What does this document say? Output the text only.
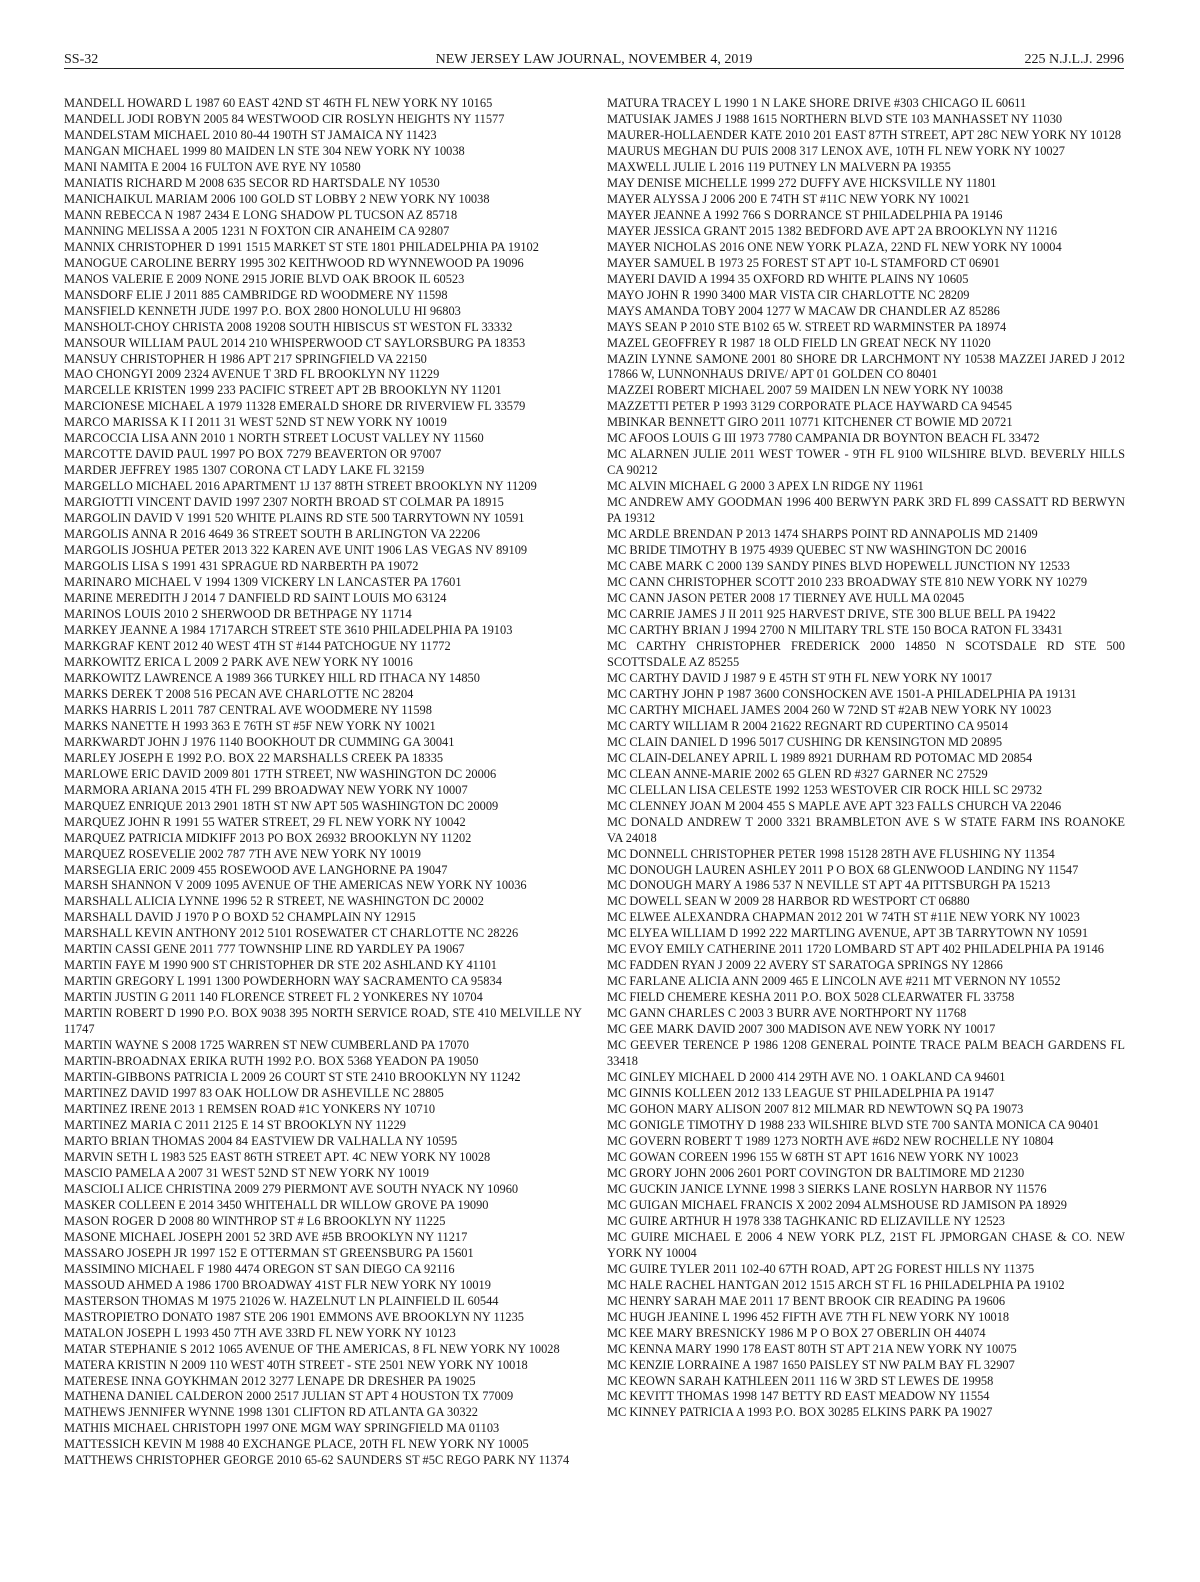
SS-32	NEW JERSEY LAW JOURNAL, NOVEMBER 4, 2019	225 N.J.L.J. 2996

MANDELL HOWARD L 1987 60 EAST 42ND ST 46TH FL NEW YORK NY 10165

MANDELL JODI ROBYN 2005 84 WESTWOOD CIR ROSLYN HEIGHTS NY 11577

MANDELSTAM MICHAEL 2010 80-44 190TH ST JAMAICA NY 11423

MANGAN MICHAEL 1999 80 MAIDEN LN STE 304 NEW YORK NY 10038

MANI NAMITA E 2004 16 FULTON AVE RYE NY 10580

MANIATIS RICHARD M 2008 635 SECOR RD HARTSDALE NY 10530

MANICHAIKUL MARIAM 2006 100 GOLD ST LOBBY 2 NEW YORK NY 10038

MANN REBECCA N 1987 2434 E LONG SHADOW PL TUCSON AZ 85718

MANNING MELISSA A 2005 1231 N FOXTON CIR ANAHEIM CA 92807

MANNIX CHRISTOPHER D 1991 1515 MARKET ST STE 1801 PHILADELPHIA PA 19102

MANOGUE CAROLINE BERRY 1995 302 KEITHWOOD RD WYNNEWOOD PA 19096

MANOS VALERIE E 2009 NONE 2915 JORIE BLVD OAK BROOK IL 60523

MANSDORF ELIE J 2011 885 CAMBRIDGE RD WOODMERE NY 11598

MANSFIELD KENNETH JUDE 1997 P.O. BOX 2800 HONOLULU HI 96803

MANSHOLT-CHOY CHRISTA 2008 19208 SOUTH HIBISCUS ST WESTON FL 33332

MANSOUR WILLIAM PAUL 2014 210 WHISPERWOOD CT SAYLORSBURG PA 18353

MANSUY CHRISTOPHER H 1986 APT 217 SPRINGFIELD VA 22150

MAO CHONGYI 2009 2324 AVENUE T 3RD FL BROOKLYN NY 11229

MARCELLE KRISTEN 1999 233 PACIFIC STREET APT 2B BROOKLYN NY 11201

MARCIONESE MICHAEL A 1979 11328 EMERALD SHORE DR RIVERVIEW FL 33579

MARCO MARISSA K I I 2011 31 WEST 52ND ST NEW YORK NY 10019

MARCOCCIA LISA ANN 2010 1 NORTH STREET LOCUST VALLEY NY 11560

MARCOTTE DAVID PAUL 1997 PO BOX 7279 BEAVERTON OR 97007

MARDER JEFFREY 1985 1307 CORONA CT LADY LAKE FL 32159

MARGELLO MICHAEL 2016 APARTMENT 1J 137 88TH STREET BROOKLYN NY 11209

MARGIOTTI VINCENT DAVID 1997 2307 NORTH BROAD ST COLMAR PA 18915

MARGOLIN DAVID V 1991 520 WHITE PLAINS RD STE 500 TARRYTOWN NY 10591

MARGOLIS ANNA R 2016 4649 36 STREET SOUTH B ARLINGTON VA 22206

MARGOLIS JOSHUA PETER 2013 322 KAREN AVE UNIT 1906 LAS VEGAS NV 89109

MARGOLIS LISA S 1991 431 SPRAGUE RD NARBERTH PA 19072

MARINARO MICHAEL V 1994 1309 VICKERY LN LANCASTER PA 17601

MARINE MEREDITH J 2014 7 DANFIELD RD SAINT LOUIS MO 63124

MARINOS LOUIS 2010 2 SHERWOOD DR BETHPAGE NY 11714

MARKEY JEANNE A 1984 1717ARCH STREET STE 3610 PHILADELPHIA PA 19103

MARKGRAF KENT 2012 40 WEST 4TH ST #144 PATCHOGUE NY 11772

MARKOWITZ ERICA L 2009 2 PARK AVE NEW YORK NY 10016

MARKOWITZ LAWRENCE A 1989 366 TURKEY HILL RD ITHACA NY 14850

MARKS DEREK T 2008 516 PECAN AVE CHARLOTTE NC 28204

MARKS HARRIS L 2011 787 CENTRAL AVE WOODMERE NY 11598

MARKS NANETTE H 1993 363 E 76TH ST #5F NEW YORK NY 10021

MARKWARDT JOHN J 1976 1140 BOOKHOUT DR CUMMING GA 30041

MARLEY JOSEPH E 1992 P.O. BOX 22 MARSHALLS CREEK PA 18335

MARLOWE ERIC DAVID 2009 801 17TH STREET, NW WASHINGTON DC 20006

MARMORA ARIANA 2015 4TH FL 299 BROADWAY NEW YORK NY 10007

MARQUEZ ENRIQUE 2013 2901 18TH ST NW APT 505 WASHINGTON DC 20009

MARQUEZ JOHN R 1991 55 WATER STREET, 29 FL NEW YORK NY 10042

MARQUEZ PATRICIA MIDKIFF 2013 PO BOX 26932 BROOKLYN NY 11202

MARQUEZ ROSEVELIE 2002 787 7TH AVE NEW YORK NY 10019

MARSEGLIA ERIC 2009 455 ROSEWOOD AVE LANGHORNE PA 19047

MARSH SHANNON V 2009 1095 AVENUE OF THE AMERICAS NEW YORK NY 10036

MARSHALL ALICIA LYNNE 1996 52 R STREET, NE WASHINGTON DC 20002

MARSHALL DAVID J 1970 P O BOXD 52 CHAMPLAIN NY 12915

MARSHALL KEVIN ANTHONY 2012 5101 ROSEWATER CT CHARLOTTE NC 28226

MARTIN CASSI GENE 2011 777 TOWNSHIP LINE RD YARDLEY PA 19067

MARTIN FAYE M 1990 900 ST CHRISTOPHER DR STE 202 ASHLAND KY 41101

MARTIN GREGORY L 1991 1300 POWDERHORN WAY SACRAMENTO CA 95834

MARTIN JUSTIN G 2011 140 FLORENCE STREET FL 2 YONKERES NY 10704

MARTIN ROBERT D 1990 P.O. BOX 9038 395 NORTH SERVICE ROAD, STE 410 MELVILLE NY 11747

MARTIN WAYNE S 2008 1725 WARREN ST NEW CUMBERLAND PA 17070

MARTIN-BROADNAX ERIKA RUTH 1992 P.O. BOX 5368 YEADON PA 19050

MARTIN-GIBBONS PATRICIA L 2009 26 COURT ST STE 2410 BROOKLYN NY 11242

MARTINEZ DAVID 1997 83 OAK HOLLOW DR ASHEVILLE NC 28805

MARTINEZ IRENE 2013 1 REMSEN ROAD #1C YONKERS NY 10710

MARTINEZ MARIA C 2011 2125 E 14 ST BROOKLYN NY 11229

MARTO BRIAN THOMAS 2004 84 EASTVIEW DR VALHALLA NY 10595

MARVIN SETH L 1983 525 EAST 86TH STREET APT. 4C NEW YORK NY 10028

MASCIO PAMELA A 2007 31 WEST 52ND ST NEW YORK NY 10019

MASCIOLI ALICE CHRISTINA 2009 279 PIERMONT AVE SOUTH NYACK NY 10960

MASKER COLLEEN E 2014 3450 WHITEHALL DR WILLOW GROVE PA 19090

MASON ROGER D 2008 80 WINTHROP ST # L6 BROOKLYN NY 11225

MASONE MICHAEL JOSEPH 2001 52 3RD AVE #5B BROOKLYN NY 11217

MASSARO JOSEPH JR 1997 152 E OTTERMAN ST GREENSBURG PA 15601

MASSIMINO MICHAEL F 1980 4474 OREGON ST SAN DIEGO CA 92116

MASSOUD AHMED A 1986 1700 BROADWAY 41ST FLR NEW YORK NY 10019

MASTERSON THOMAS M 1975 21026 W. HAZELNUT LN PLAINFIELD IL 60544

MASTROPIETRO DONATO 1987 STE 206 1901 EMMONS AVE BROOKLYN NY 11235

MATALON JOSEPH L 1993 450 7TH AVE 33RD FL NEW YORK NY 10123

MATAR STEPHANIE S 2012 1065 AVENUE OF THE AMERICAS, 8 FL NEW YORK NY 10028

MATERA KRISTIN N 2009 110 WEST 40TH STREET - STE 2501 NEW YORK NY 10018

MATERESE INNA GOYKHMAN 2012 3277 LENAPE DR DRESHER PA 19025

MATHENA DANIEL CALDERON 2000 2517 JULIAN ST APT 4 HOUSTON TX 77009

MATHEWS JENNIFER WYNNE 1998 1301 CLIFTON RD ATLANTA GA 30322

MATHIS MICHAEL CHRISTOPH 1997 ONE MGM WAY SPRINGFIELD MA 01103

MATTESSICH KEVIN M 1988 40 EXCHANGE PLACE, 20TH FL NEW YORK NY 10005

MATTHEWS CHRISTOPHER GEORGE 2010 65-62 SAUNDERS ST #5C REGO PARK NY 11374

MATURA TRACEY L 1990 1 N LAKE SHORE DRIVE #303 CHICAGO IL 60611

MATUSIAK JAMES J 1988 1615 NORTHERN BLVD STE 103 MANHASSET NY 11030

MAURER-HOLLAENDER KATE 2010 201 EAST 87TH STREET, APT 28C NEW YORK NY 10128

MAURUS MEGHAN DU PUIS 2008 317 LENOX AVE, 10TH FL NEW YORK NY 10027

MAXWELL JULIE L 2016 119 PUTNEY LN MALVERN PA 19355

MAY DENISE MICHELLE 1999 272 DUFFY AVE HICKSVILLE NY 11801

MAYER ALYSSA J 2006 200 E 74TH ST #11C NEW YORK NY 10021

MAYER JEANNE A 1992 766 S DORRANCE ST PHILADELPHIA PA 19146

MAYER JESSICA GRANT 2015 1382 BEDFORD AVE APT 2A BROOKLYN NY 11216

MAYER NICHOLAS 2016 ONE NEW YORK PLAZA, 22ND FL NEW YORK NY 10004

MAYER SAMUEL B 1973 25 FOREST ST APT 10-L STAMFORD CT 06901

MAYERI DAVID A 1994 35 OXFORD RD WHITE PLAINS NY 10605

MAYO JOHN R 1990 3400 MAR VISTA CIR CHARLOTTE NC 28209

MAYS AMANDA TOBY 2004 1277 W MACAW DR CHANDLER AZ 85286

MAYS SEAN P 2010 STE B102 65 W. STREET RD WARMINSTER PA 18974

MAZEL GEOFFREY R 1987 18 OLD FIELD LN GREAT NECK NY 11020

MAZIN LYNNE SAMONE 2001 80 SHORE DR LARCHMONT NY 10538 MAZZEI JARED J 2012 17866 W, LUNNONHAUS DRIVE/ APT 01 GOLDEN CO 80401

MAZZEI ROBERT MICHAEL 2007 59 MAIDEN LN NEW YORK NY 10038

MAZZETTI PETER P 1993 3129 CORPORATE PLACE HAYWARD CA 94545

MBINKAR BENNETT GIRO 2011 10771 KITCHENER CT BOWIE MD 20721

MC AFOOS LOUIS G III 1973 7780 CAMPANIA DR BOYNTON BEACH FL 33472

MC ALARNEN JULIE 2011 WEST TOWER - 9TH FL 9100 WILSHIRE BLVD. BEVERLY HILLS CA 90212

MC ALVIN MICHAEL G 2000 3 APEX LN RIDGE NY 11961

MC ANDREW AMY GOODMAN 1996 400 BERWYN PARK 3RD FL 899 CASSATT RD BERWYN PA 19312

MC ARDLE BRENDAN P 2013 1474 SHARPS POINT RD ANNAPOLIS MD 21409

MC BRIDE TIMOTHY B 1975 4939 QUEBEC ST NW WASHINGTON DC 20016

MC CABE MARK C 2000 139 SANDY PINES BLVD HOPEWELL JUNCTION NY 12533

MC CANN CHRISTOPHER SCOTT 2010 233 BROADWAY STE 810 NEW YORK NY 10279

MC CANN JASON PETER 2008 17 TIERNEY AVE HULL MA 02045

MC CARRIE JAMES J II 2011 925 HARVEST DRIVE, STE 300 BLUE BELL PA 19422

MC CARTHY BRIAN J 1994 2700 N MILITARY TRL STE 150 BOCA RATON FL 33431

MC CARTHY CHRISTOPHER FREDERICK 2000 14850 N SCOTSDALE RD STE 500 SCOTTSDALE AZ 85255

MC CARTHY DAVID J 1987 9 E 45TH ST 9TH FL NEW YORK NY 10017

MC CARTHY JOHN P 1987 3600 CONSHOCKEN AVE 1501-A PHILADELPHIA PA 19131

MC CARTHY MICHAEL JAMES 2004 260 W 72ND ST #2AB NEW YORK NY 10023

MC CARTY WILLIAM R 2004 21622 REGNART RD CUPERTINO CA 95014

MC CLAIN DANIEL D 1996 5017 CUSHING DR KENSINGTON MD 20895

MC CLAIN-DELANEY APRIL L 1989 8921 DURHAM RD POTOMAC MD 20854

MC CLEAN ANNE-MARIE 2002 65 GLEN RD #327 GARNER NC 27529

MC CLELLAN LISA CELESTE 1992 1253 WESTOVER CIR ROCK HILL SC 29732

MC CLENNEY JOAN M 2004 455 S MAPLE AVE APT 323 FALLS CHURCH VA 22046

MC DONALD ANDREW T 2000 3321 BRAMBLETON AVE S W STATE FARM INS ROANOKE VA 24018

MC DONNELL CHRISTOPHER PETER 1998 15128 28TH AVE FLUSHING NY 11354

MC DONOUGH LAUREN ASHLEY 2011 P O BOX 68 GLENWOOD LANDING NY 11547

MC DONOUGH MARY A 1986 537 N NEVILLE ST APT 4A PITTSBURGH PA 15213

MC DOWELL SEAN W 2009 28 HARBOR RD WESTPORT CT 06880

MC ELWEE ALEXANDRA CHAPMAN 2012 201 W 74TH ST #11E NEW YORK NY 10023

MC ELYEA WILLIAM D 1992 222 MARTLING AVENUE, APT 3B TARRYTOWN NY 10591

MC EVOY EMILY CATHERINE 2011 1720 LOMBARD ST APT 402 PHILADELPHIA PA 19146

MC FADDEN RYAN J 2009 22 AVERY ST SARATOGA SPRINGS NY 12866

MC FARLANE ALICIA ANN 2009 465 E LINCOLN AVE #211 MT VERNON NY 10552

MC FIELD CHEMERE KESHA 2011 P.O. BOX 5028 CLEARWATER FL 33758

MC GANN CHARLES C 2003 3 BURR AVE NORTHPORT NY 11768

MC GEE MARK DAVID 2007 300 MADISON AVE NEW YORK NY 10017

MC GEEVER TERENCE P 1986 1208 GENERAL POINTE TRACE PALM BEACH GARDENS FL 33418

MC GINLEY MICHAEL D 2000 414 29TH AVE NO. 1 OAKLAND CA 94601

MC GINNIS KOLLEEN 2012 133 LEAGUE ST PHILADELPHIA PA 19147

MC GOHON MARY ALISON 2007 812 MILMAR RD NEWTOWN SQ PA 19073

MC GONIGLE TIMOTHY D 1988 233 WILSHIRE BLVD STE 700 SANTA MONICA CA 90401

MC GOVERN ROBERT T 1989 1273 NORTH AVE #6D2 NEW ROCHELLE NY 10804

MC GOWAN COREEN 1996 155 W 68TH ST APT 1616 NEW YORK NY 10023

MC GRORY JOHN 2006 2601 PORT COVINGTON DR BALTIMORE MD 21230

MC GUCKIN JANICE LYNNE 1998 3 SIERKS LANE ROSLYN HARBOR NY 11576

MC GUIGAN MICHAEL FRANCIS X 2002 2094 ALMSHOUSE RD JAMISON PA 18929

MC GUIRE ARTHUR H 1978 338 TAGHKANIC RD ELIZAVILLE NY 12523

MC GUIRE MICHAEL E 2006 4 NEW YORK PLZ, 21ST FL JPMORGAN CHASE & CO. NEW YORK NY 10004

MC GUIRE TYLER 2011 102-40 67TH ROAD, APT 2G FOREST HILLS NY 11375

MC HALE RACHEL HANTGAN 2012 1515 ARCH ST FL 16 PHILADELPHIA PA 19102

MC HENRY SARAH MAE 2011 17 BENT BROOK CIR READING PA 19606

MC HUGH JEANINE L 1996 452 FIFTH AVE 7TH FL NEW YORK NY 10018

MC KEE MARY BRESNICKY 1986 M P O BOX 27 OBERLIN OH 44074

MC KENNA MARY 1990 178 EAST 80TH ST APT 21A NEW YORK NY 10075

MC KENZIE LORRAINE A 1987 1650 PAISLEY ST NW PALM BAY FL 32907

MC KEOWN SARAH KATHLEEN 2011 116 W 3RD ST LEWES DE 19958

MC KEVITT THOMAS 1998 147 BETTY RD EAST MEADOW NY 11554

MC KINNEY PATRICIA A 1993 P.O. BOX 30285 ELKINS PARK PA 19027
